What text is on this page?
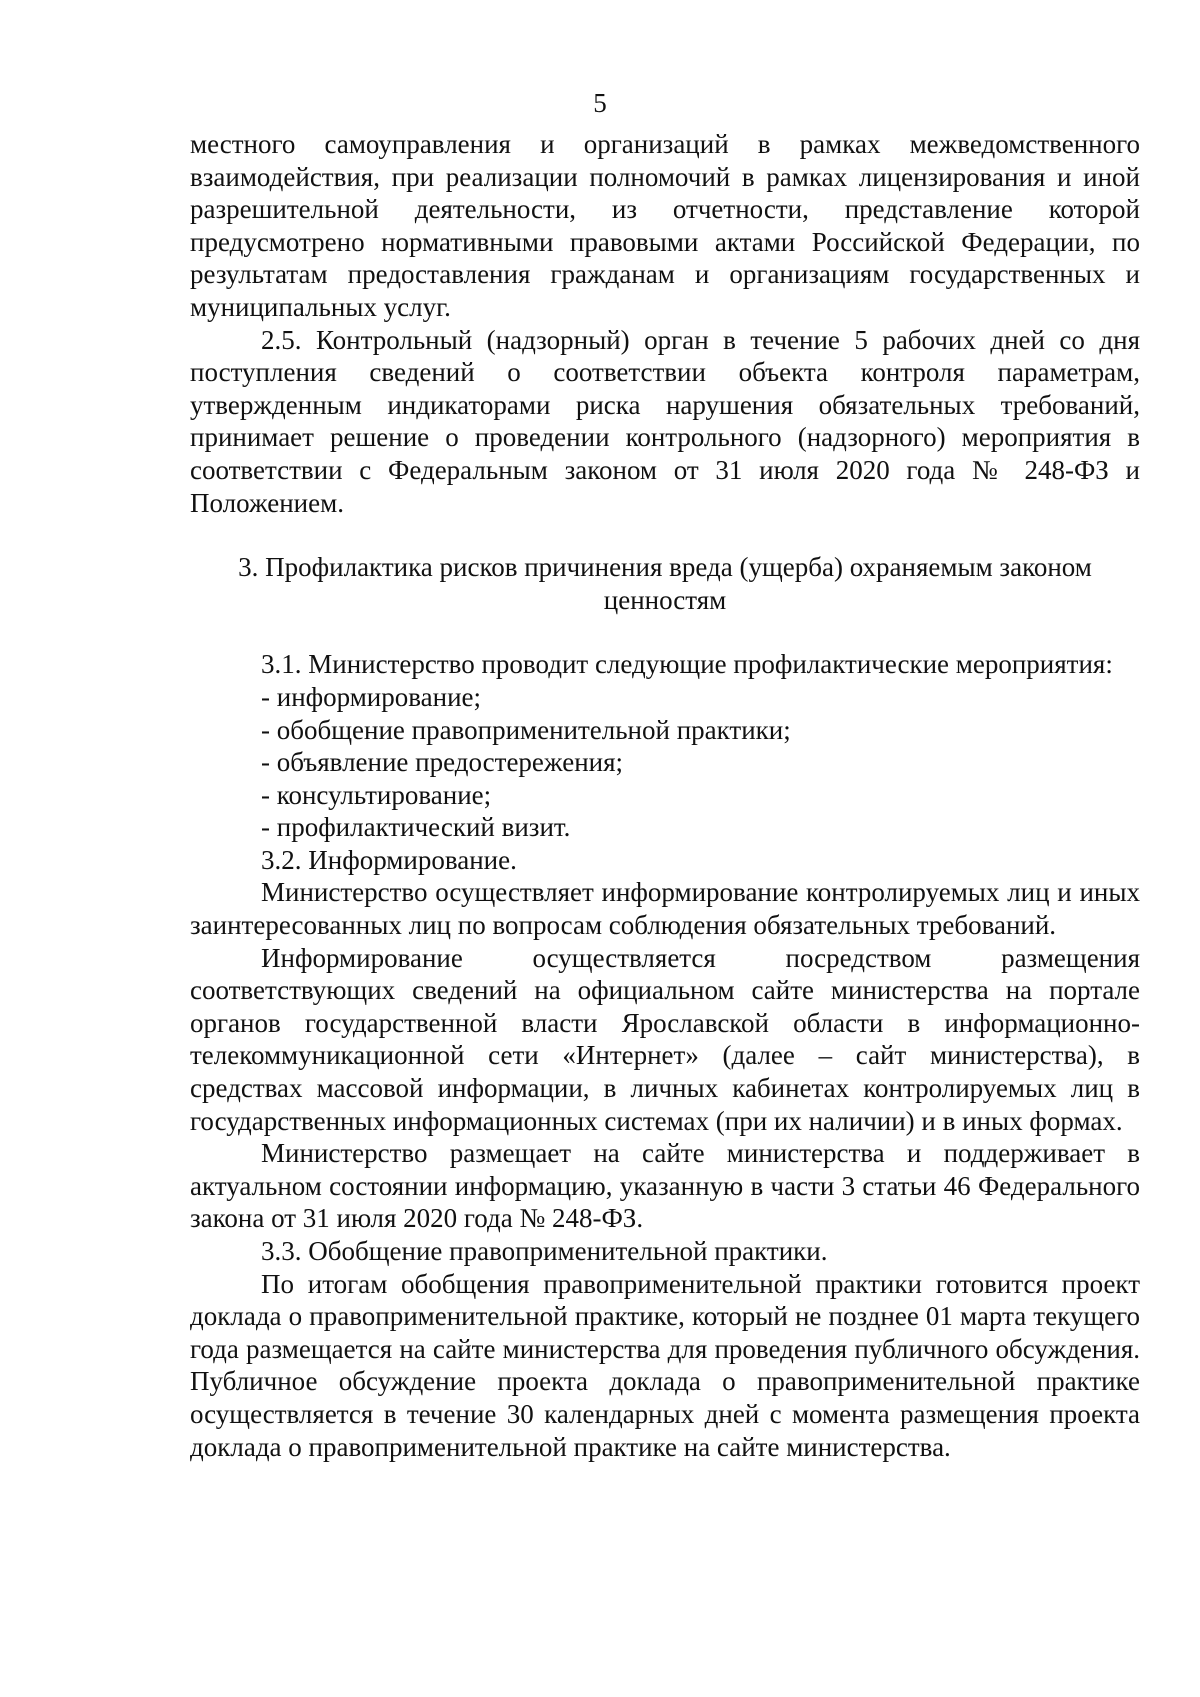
5

местного самоуправления и организаций в рамках межведомственного взаимодействия, при реализации полномочий в рамках лицензирования и иной разрешительной деятельности, из отчетности, представление которой предусмотрено нормативными правовыми актами Российской Федерации, по результатам предоставления гражданам и организациям государственных и муниципальных услуг.

2.5. Контрольный (надзорный) орган в течение 5 рабочих дней со дня поступления сведений о соответствии объекта контроля параметрам, утвержденным индикаторами риска нарушения обязательных требований, принимает решение о проведении контрольного (надзорного) мероприятия в соответствии с Федеральным законом от 31 июля 2020 года № 248-ФЗ и Положением.

3. Профилактика рисков причинения вреда (ущерба) охраняемым законом ценностям

3.1. Министерство проводит следующие профилактические мероприятия:

- информирование;

- обобщение правоприменительной практики;

- объявление предостережения;

- консультирование;

- профилактический визит.

3.2. Информирование.

Министерство осуществляет информирование контролируемых лиц и иных заинтересованных лиц по вопросам соблюдения обязательных требований.

Информирование осуществляется посредством размещения соответствующих сведений на официальном сайте министерства на портале органов государственной власти Ярославской области в информационно-телекоммуникационной сети «Интернет» (далее – сайт министерства), в средствах массовой информации, в личных кабинетах контролируемых лиц в государственных информационных системах (при их наличии) и в иных формах.

Министерство размещает на сайте министерства и поддерживает в актуальном состоянии информацию, указанную в части 3 статьи 46 Федерального закона от 31 июля 2020 года № 248-ФЗ.

3.3. Обобщение правоприменительной практики.

По итогам обобщения правоприменительной практики готовится проект доклада о правоприменительной практике, который не позднее 01 марта текущего года размещается на сайте министерства для проведения публичного обсуждения. Публичное обсуждение проекта доклада о правоприменительной практике осуществляется в течение 30 календарных дней с момента размещения проекта доклада о правоприменительной практике на сайте министерства.
